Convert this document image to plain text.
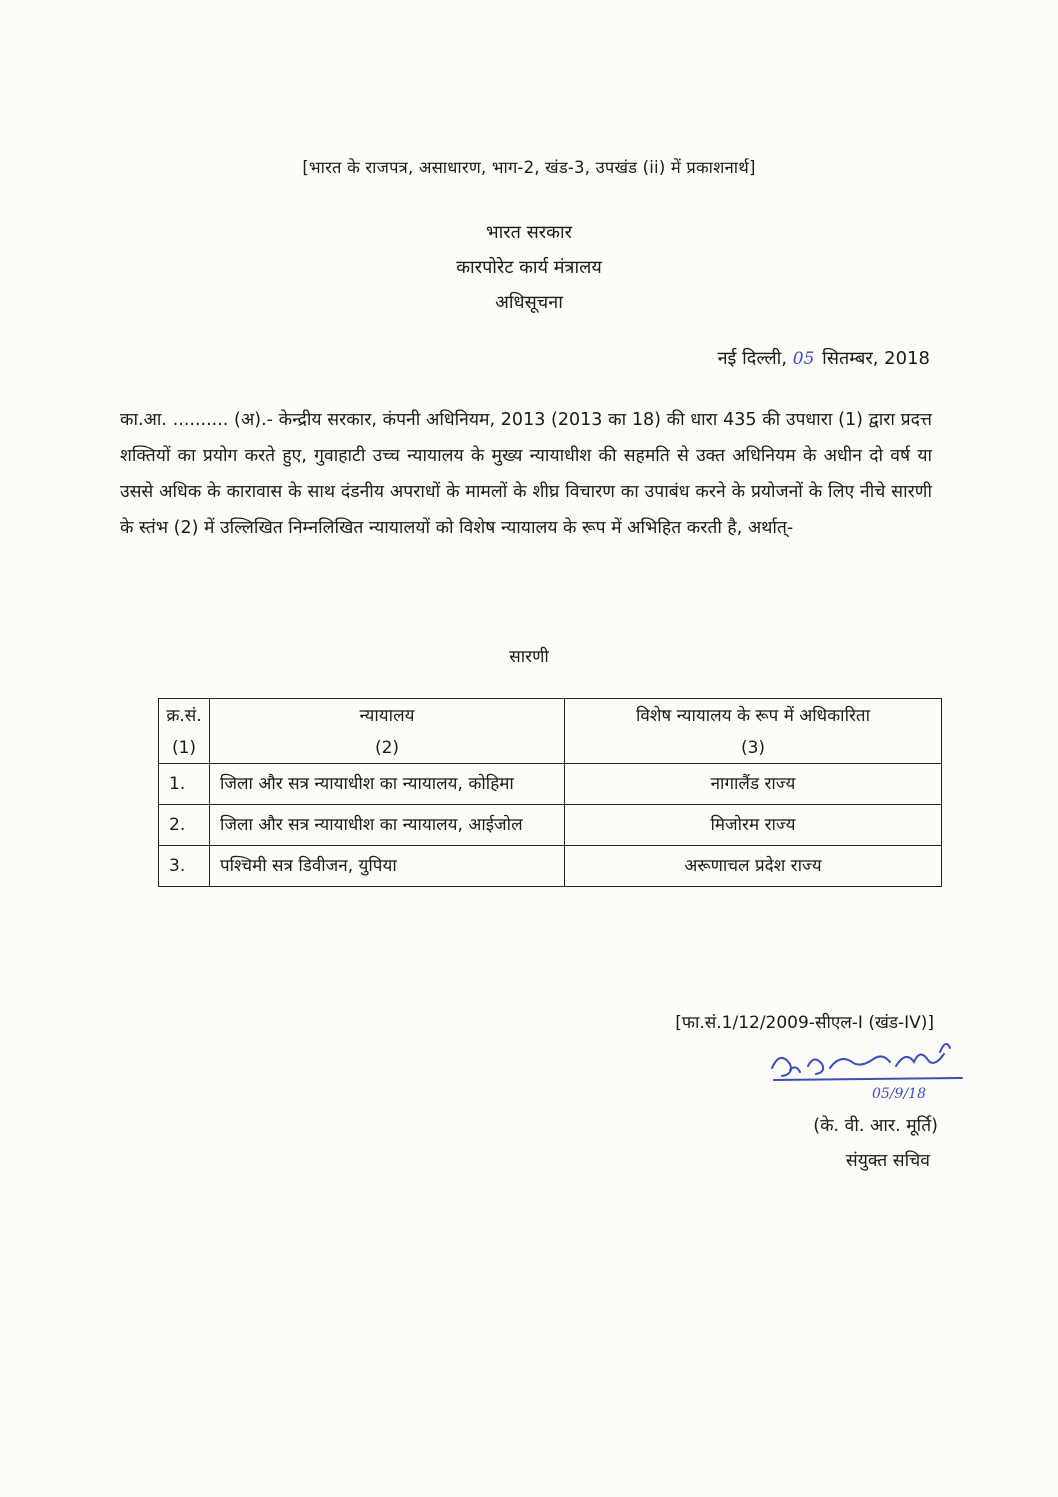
[भारत के राजपत्र, असाधारण, भाग-2, खंड-3, उपखंड (ii) में प्रकाशनार्थ]
भारत सरकार
कारपोरेट कार्य मंत्रालय
अधिसूचना
नई दिल्ली, 05 सितम्बर, 2018
का.आ. .......... (अ).- केन्द्रीय सरकार, कंपनी अधिनियम, 2013 (2013 का 18) की धारा 435 की उपधारा (1) द्वारा प्रदत्त शक्तियों का प्रयोग करते हुए, गुवाहाटी उच्च न्यायालय के मुख्य न्यायाधीश की सहमति से उक्त अधिनियम के अधीन दो वर्ष या उससे अधिक के कारावास के साथ दंडनीय अपराधों के मामलों के शीघ्र विचारण का उपाबंध करने के प्रयोजनों के लिए नीचे सारणी के स्तंभ (2) में उल्लिखित निम्नलिखित न्यायालयों को विशेष न्यायालय के रूप में अभिहित करती है, अर्थात्-
सारणी
क्र.सं.	न्यायालय	विशेष न्यायालय के रूप में अधिकारिता
(1)	(2)	(3)
1.	जिला और सत्र न्यायाधीश का न्यायालय, कोहिमा	नागालैंड राज्य
2.	जिला और सत्र न्यायाधीश का न्यायालय, आईजोल	मिजोरम राज्य
3.	पश्चिमी सत्र डिवीजन, युपिया	अरूणाचल प्रदेश राज्य
[फा.सं.1/12/2009-सीएल-I (खंड-IV)]
05/9/18
(के. वी. आर. मूर्ति)
संयुक्त सचिव
